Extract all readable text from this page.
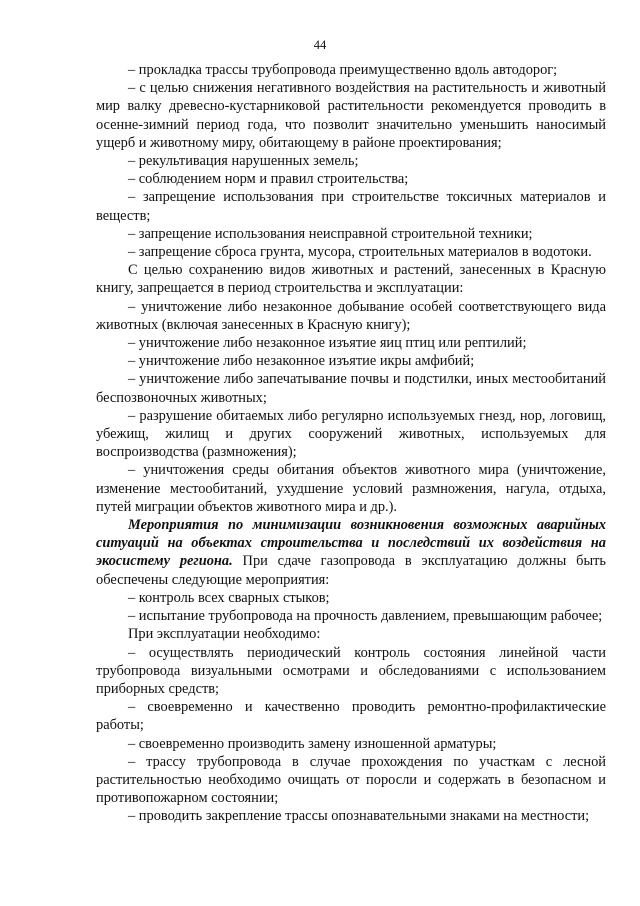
44

– прокладка трассы трубопровода преимущественно вдоль автодорог;

– с целью снижения негативного воздействия на растительность и животный мир валку древесно-кустарниковой растительности рекомендуется проводить в осенне-зимний период года, что позволит значительно уменьшить наносимый ущерб и животному миру, обитающему в районе проектирования;

– рекультивация нарушенных земель;

– соблюдением норм и правил строительства;

– запрещение использования при строительстве токсичных материалов и веществ;

– запрещение использования неисправной строительной техники;

– запрещение сброса грунта, мусора, строительных материалов в водотоки.

С целью сохранению видов животных и растений, занесенных в Красную книгу, запрещается в период строительства и эксплуатации:

– уничтожение либо незаконное добывание особей соответствующего вида животных (включая занесенных в Красную книгу);

– уничтожение либо незаконное изъятие яиц птиц или рептилий;

– уничтожение либо незаконное изъятие икры амфибий;

– уничтожение либо запечатывание почвы и подстилки, иных местообитаний беспозвоночных животных;

– разрушение обитаемых либо регулярно используемых гнезд, нор, логовищ, убежищ, жилищ и других сооружений животных, используемых для воспроизводства (размножения);

– уничтожения среды обитания объектов животного мира (уничтожение, изменение местообитаний, ухудшение условий размножения, нагула, отдыха, путей миграции объектов животного мира и др.).

Мероприятия по минимизации возникновения возможных аварийных ситуаций на объектах строительства и последствий их воздействия на экосистему региона. При сдаче газопровода в эксплуатацию должны быть обеспечены следующие мероприятия:

– контроль всех сварных стыков;

– испытание трубопровода на прочность давлением, превышающим рабочее;

При эксплуатации необходимо:

– осуществлять периодический контроль состояния линейной части трубопровода визуальными осмотрами и обследованиями с использованием приборных средств;

– своевременно и качественно проводить ремонтно-профилактические работы;

– своевременно производить замену изношенной арматуры;

– трассу трубопровода в случае прохождения по участкам с лесной растительностью необходимо очищать от поросли и содержать в безопасном и противопожарном состоянии;

– проводить закрепление трассы опознавательными знаками на местности;
